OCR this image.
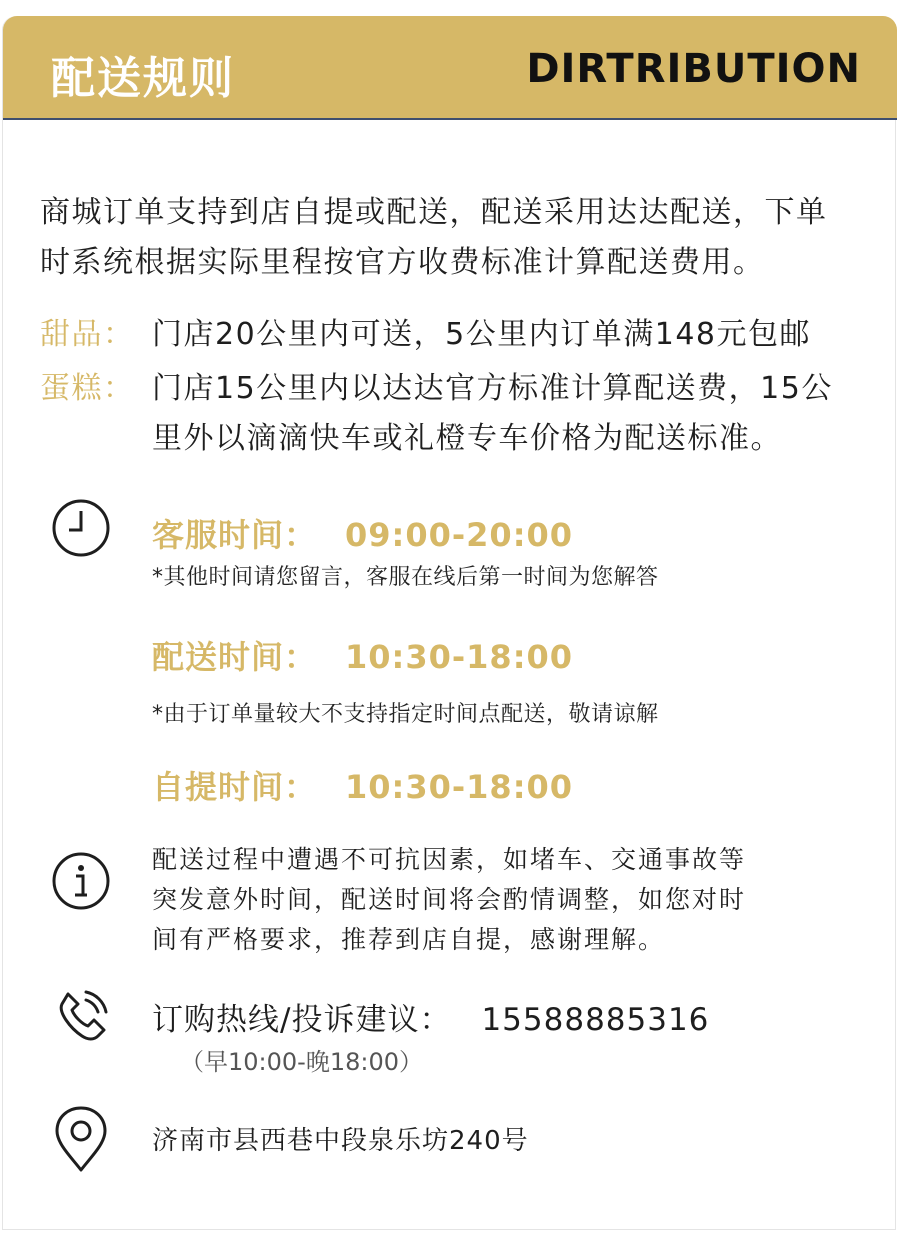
配送规则	DIRTRIBUTION
商城订单支持到店自提或配送，配送采用达达配送，下单
时系统根据实际里程按官方收费标准计算配送费用。
甜品： 门店20公里内可送，5公里内订单满148元包邮
蛋糕： 门店15公里内以达达官方标准计算配送费，15公
里外以滴滴快车或礼橙专车价格为配送标准。
客服时间： 09:00-20:00
*其他时间请您留言，客服在线后第一时间为您解答
配送时间： 10:30-18:00
*由于订单量较大不支持指定时间点配送，敬请谅解
自提时间： 10:30-18:00
配送过程中遭遇不可抗因素，如堵车、交通事故等
突发意外时间，配送时间将会酌情调整，如您对时
间有严格要求，推荐到店自提，感谢理解。
订购热线/投诉建议： 15588885316
（早10:00-晚18:00）
济南市县西巷中段泉乐坊240号
